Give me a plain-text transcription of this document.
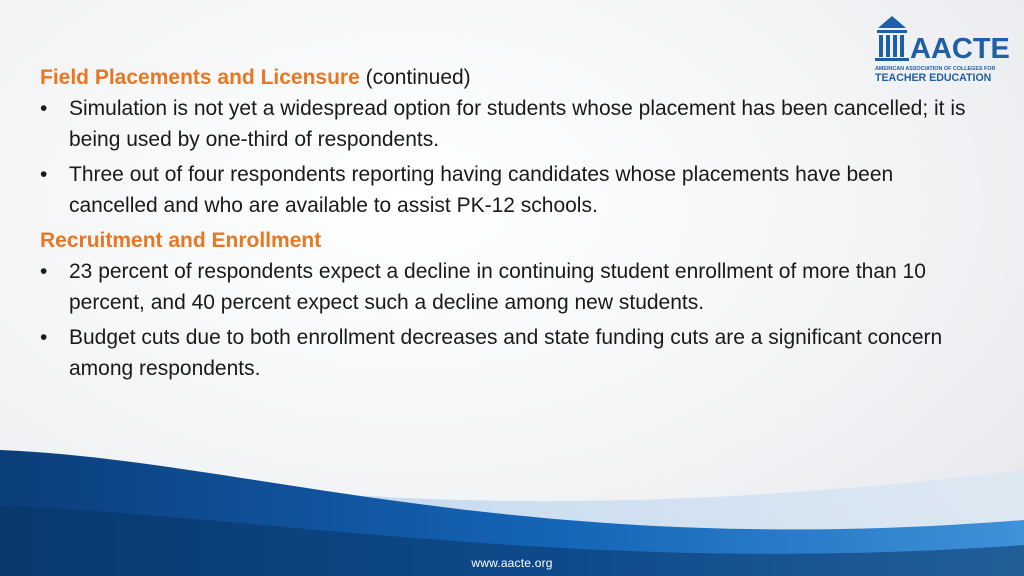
AACTE
AMERICAN ASSOCIATION OF COLLEGES FOR
TEACHER EDUCATION

Field Placements and Licensure (continued)

• Simulation is not yet a widespread option for students whose placement has been cancelled; it is being used by one-third of respondents.
• Three out of four respondents reporting having candidates whose placements have been cancelled and who are available to assist PK-12 schools.

Recruitment and Enrollment

• 23 percent of respondents expect a decline in continuing student enrollment of more than 10 percent, and 40 percent expect such a decline among new students.
• Budget cuts due to both enrollment decreases and state funding cuts are a significant concern among respondents.
www.aacte.org
